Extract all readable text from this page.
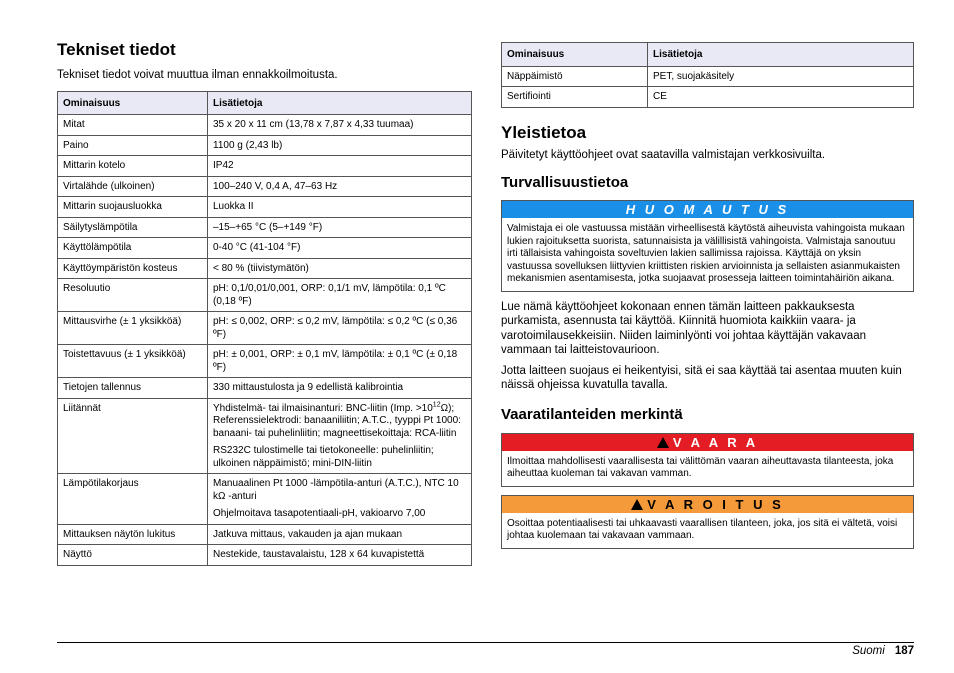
Tekniset tiedot

Tekniset tiedot voivat muuttua ilman ennakkoilmoitusta.

Ominaisuus	Lisätietoja
Mitat	35 x 20 x 11 cm (13,78 x 7,87 x 4,33 tuumaa)
Paino	1100 g (2,43 lb)
Mittarin kotelo	IP42
Virtalähde (ulkoinen)	100–240 V, 0,4 A, 47–63 Hz
Mittarin suojausluokka	Luokka II
Säilytyslämpötila	–15–+65 °C (5–+149 °F)
Käyttölämpötila	0-40 °C (41-104 °F)
Käyttöympäristön kosteus	< 80 % (tiivistymätön)
Resoluutio	pH: 0,1/0,01/0,001, ORP: 0,1/1 mV, lämpötila: 0,1 ºC (0,18 ºF)
Mittausvirhe (± 1 yksikköä)	pH: ≤ 0,002, ORP: ≤ 0,2 mV, lämpötila: ≤ 0,2 ºC (≤ 0,36 ºF)
Toistettavuus (± 1 yksikköä)	pH: ± 0,001, ORP: ± 0,1 mV, lämpötila: ± 0,1 ºC (± 0,18 ºF)
Tietojen tallennus	330 mittaustulosta ja 9 edellistä kalibrointia
Liitännät	Yhdistelmä- tai ilmaisinanturi: BNC-liitin (Imp. $>10^{12}\Omega$); Referenssielektrodi: banaaniliitin; A.T.C., tyyppi Pt 1000: banaani- tai puhelinliitin; magneettisekoittaja: RCA-liitin

RS232C tulostimelle tai tietokoneelle: puhelinliitin; ulkoinen näppäimistö; mini-DIN-liitin

Lämpötilakorjaus	Manuaalinen Pt 1000 -lämpötila-anturi (A.T.C.), NTC 10 kΩ -anturi

Ohjelmoitava tasapotentiaali-pH, vakioarvo 7,00

Mittauksen näytön lukitus	Jatkuva mittaus, vakauden ja ajan mukaan
Näyttö	Nestekide, taustavalaistu, 128 x 64 kuvapistettä
Ominaisuus	Lisätietoja
Näppäimistö	PET, suojakäsitely
Sertifiointi	CE
Yleistietoa

Päivitetyt käyttöohjeet ovat saatavilla valmistajan verkkosivuilta.

Turvallisuustietoa
H U O M A U T U S
Valmistaja ei ole vastuussa mistään virheellisestä käytöstä aiheuvista vahingoista mukaan lukien rajoituksetta suorista, satunnaisista ja välillisistä vahingoista. Valmistaja sanoutuu irti tällaisista vahingoista soveltuvien lakien sallimissa rajoissa. Käyttäjä on yksin vastuussa sovelluksen liittyvien kriittisten riskien arvioinnista ja sellaisten asianmukaisten mekanismien asentamisesta, jotka suojaavat prosesseja laitteen toimintahäiriön aikana.

Lue nämä käyttöohjeet kokonaan ennen tämän laitteen pakkauksesta purkamista, asennusta tai käyttöä. Kiinnitä huomiota kaikkiin vaara- ja varotoimilausekkeisiin. Niiden laiminlyönti voi johtaa käyttäjän vakavaan vammaan tai laitteistovaurioon.

Jotta laitteen suojaus ei heikentyisi, sitä ei saa käyttää tai asentaa muuten kuin näissä ohjeissa kuvatulla tavalla.

Vaaratilanteiden merkintä
V A A R A
Ilmoittaa mahdollisesti vaarallisesta tai välittömän vaaran aiheuttavasta tilanteesta, joka aiheuttaa kuoleman tai vakavan vamman.
V A R O I T U S
Osoittaa potentiaalisesti tai uhkaavasti vaarallisen tilanteen, joka, jos sitä ei vältetä, voisi johtaa kuolemaan tai vakavaan vammaan.
Suomi 187
